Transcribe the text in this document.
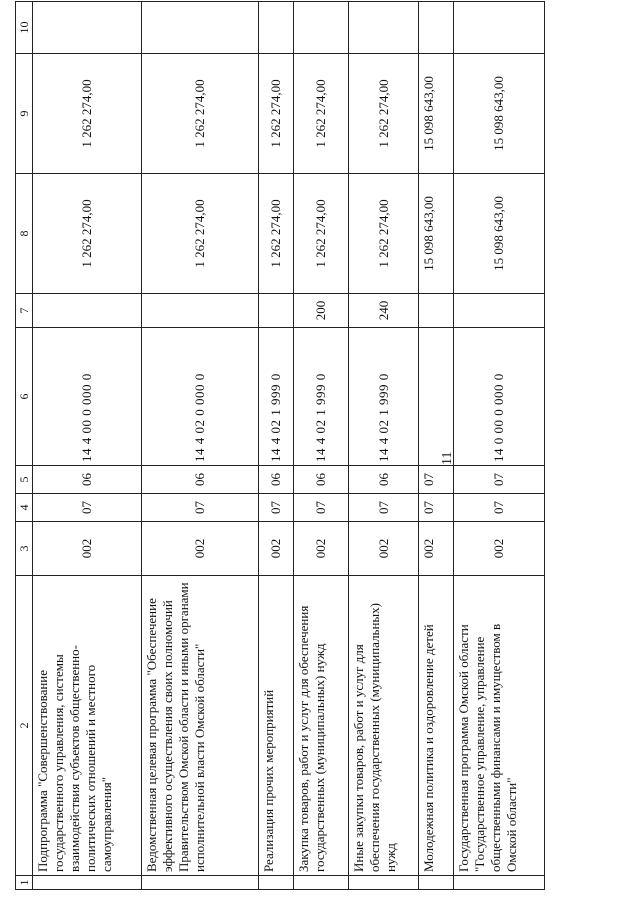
11
1	2	3	4	5	6	7	8	9	10
	Подпрограмма "Совершенствование государственного управления, системы взаимодействия субъектов общественно-политических отношений и местного самоуправления"	002	07	06	14 4 00 0 000 0		1 262 274,00	1 262 274,00	
	Ведомственная целевая программа "Обеспечение эффективного осуществления своих полномочий Правительством Омской области и иными органами исполнительной власти Омской области"	002	07	06	14 4 02 0 000 0		1 262 274,00	1 262 274,00	
	Реализация прочих мероприятий	002	07	06	14 4 02 1 999 0		1 262 274,00	1 262 274,00	
	Закупка товаров, работ и услуг для обеспечения государственных (муниципальных) нужд	002	07	06	14 4 02 1 999 0	200	1 262 274,00	1 262 274,00	
	Иные закупки товаров, работ и услуг для обеспечения государственных (муниципальных) нужд	002	07	06	14 4 02 1 999 0	240	1 262 274,00	1 262 274,00	
	Молодежная политика и оздоровление детей	002	07	07			15 098 643,00	15 098 643,00	
	Государственная программа Омской области "Государственное управление, управление общественными финансами и имуществом в Омской области"	002	07	07	14 0 00 0 000 0		15 098 643,00	15 098 643,00	
